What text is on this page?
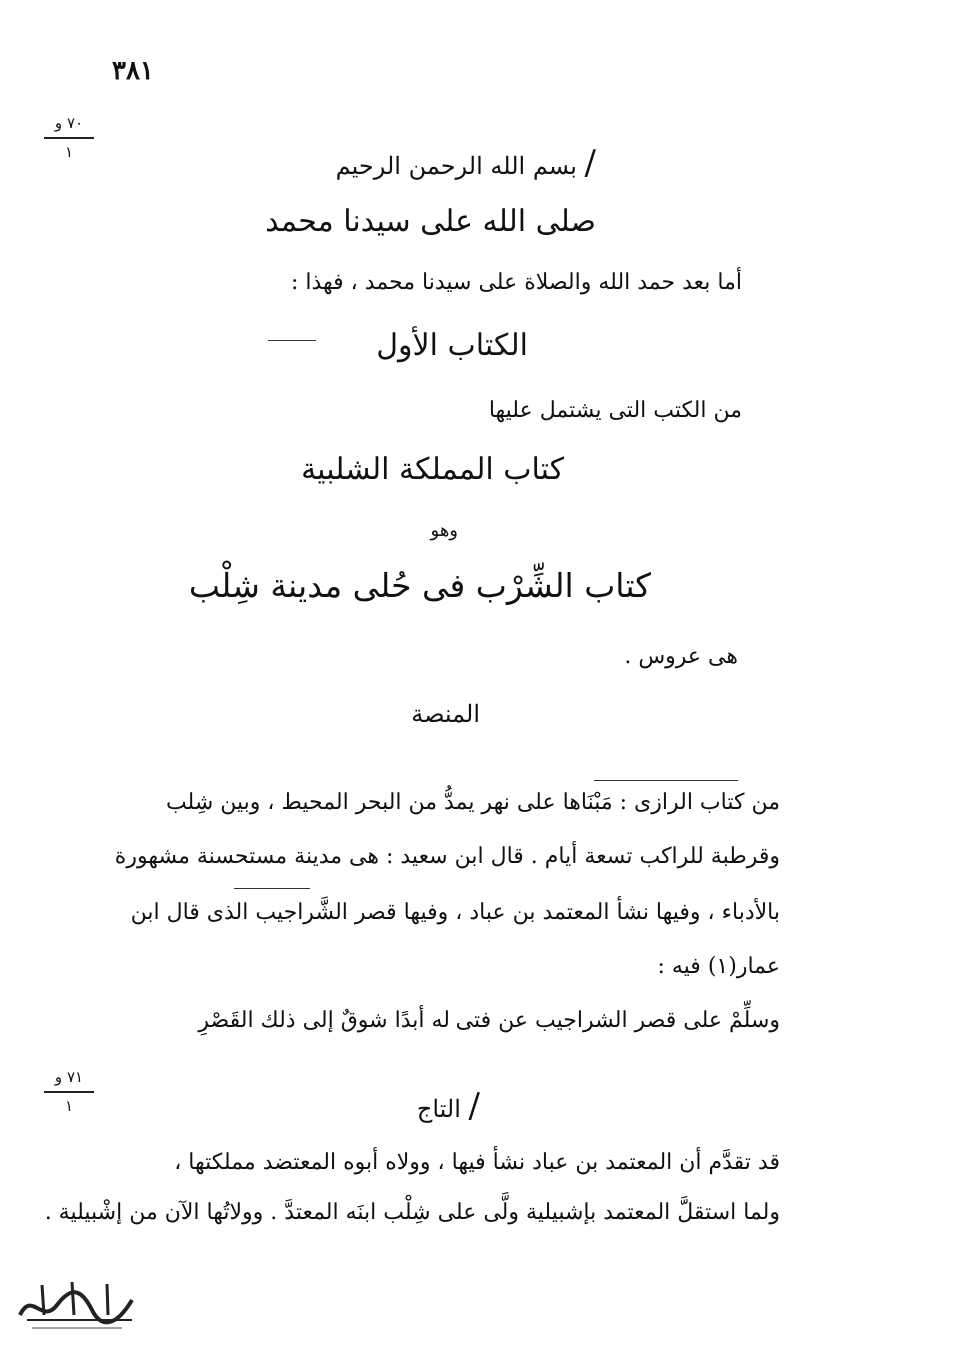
٣٨١
٧٠ و
١
٧١ و
١
/ بسم الله الرحمن الرحيم
صلى الله على سيدنا محمد
أما بعد حمد الله والصلاة على سيدنا محمد ، فهذا :
الكتاب الأول
من الكتب التى يشتمل عليها
كتاب المملكة الشلبية
وهو
كتاب الشِّرْب فى حُلى مدينة شِلْب
هى عروس .
المنصة
من كتاب الرازى : مَبْنَاها على نهر يمدُّ من البحر المحيط ، وبين شِلب
وقرطبة للراكب تسعة أيام . قال ابن سعيد : هى مدينة مستحسنة مشهورة
بالأدباء ، وفيها نشأ المعتمد بن عباد ، وفيها قصر الشَّراجيب الذى قال ابن
عمار(١) فيه :
وسلِّمْ على قصر الشراجيب عن فتى
له أبدًا شوقٌ إلى ذلك القَصْرِ
/ التاج
قد تقدَّم أن المعتمد بن عباد نشأ فيها ، وولاه أبوه المعتضد مملكتها ،
ولما استقلَّ المعتمد بإشبيلية ولَّى على شِلْب ابنَه المعتدَّ . وولاتُها الآن من إشْبيلية .
